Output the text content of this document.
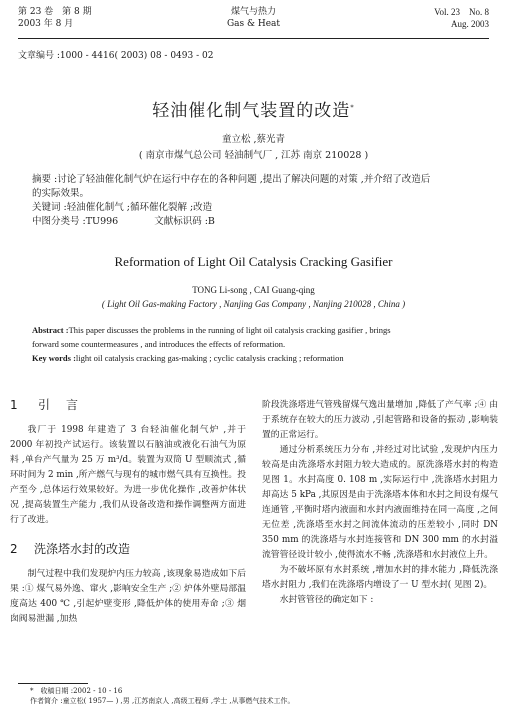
第 23 卷　第 8 期
2003 年 8 月
煤气与热力
Gas & Heat
Vol. 23　No. 8
Aug. 2003
文章编号 :1000 - 4416( 2003) 08 - 0493 - 02
轻油催化制气装置的改造*
童立松 ,蔡光青
( 南京市煤气总公司 轻油制气厂 , 江苏 南京 210028 )
摘要 :讨论了轻油催化制气炉在运行中存在的各种问题 ,提出了解决问题的对策 ,并介绍了改造后
的实际效果。
关键词 :轻油催化制气 ;循环催化裂解 ;改造
中图分类号 :TU996	文献标识码 :B
Reformation of Light Oil Catalysis Cracking Gasifier
TONG Li-song , CAI Guang-qing
( Light Oil Gas-making Factory , Nanjing Gas Company , Nanjing 210028 , China )
Abstract :This paper discusses the problems in the running of light oil catalysis cracking gasifier , brings
forward some countermeasures , and introduces the effects of reformation.
Key words :light oil catalysis cracking gas-making ; cyclic catalysis cracking ; reformation
1 引　言

我厂于 1998 年建造了 3 台轻油催化制气炉 ,并于 2000 年初投产试运行。该装置以石脑油或液化石油气为原料 ,单台产气量为 25 万 m³/d。装置为双筒 U 型顺流式 ,循环时间为 2 min ,所产燃气与现有的城市燃气具有互换性。投产至今 ,总体运行效果较好。为进一步优化操作 ,改善炉体状况 ,提高装置生产能力 ,我们从设备改造和操作调整两方面进行了改进。

2 洗涤塔水封的改造

制气过程中我们发现炉内压力较高 ,该现象易造成如下后果 :① 煤气易外逸、窜火 ,影响安全生产 ;② 炉体外壁局部温度高达 400 ℃ ,引起炉壁变形 ,降低炉体的使用寿命 ;③ 烟囱阀易泄漏 ,加热

阶段洗涤塔进气管残留煤气逸出量增加 ,降低了产气率 ;④ 由于系统存在较大的压力波动 ,引起管路和设备的振动 ,影响装置的正常运行。

通过分析系统压力分布 ,并经过对比试验 ,发现炉内压力较高是由洗涤塔水封阻力较大造成的。原洗涤塔水封的构造见图 1。水封高度 0. 108 m ,实际运行中 ,洗涤塔水封阻力却高达 5 kPa ,其原因是由于洗涤塔本体和水封之间设有煤气连通管 ,平衡时塔内液面和水封内液面维持在同一高度 ,之间无位差 ,洗涤塔至水封之间流体流动的压差较小 ,同时 DN 350 mm 的洗涤塔与水封连接管和 DN 300 mm 的水封溢流管管径设计较小 ,使得流水不畅 ,洗涤塔和水封液位上升。

为不破坏原有水封系统 ,增加水封的排水能力 ,降低洗涤塔水封阻力 ,我们在洗涤塔内增设了一 U 型水封( 见图 2)。

水封管管径的确定如下 :

*　收稿日期 :2002 - 10 - 16
作者简介 :童立松( 1957— ) ,男 ,江苏南京人 ,高级工程师 ,学士 ,从事燃气技术工作。
